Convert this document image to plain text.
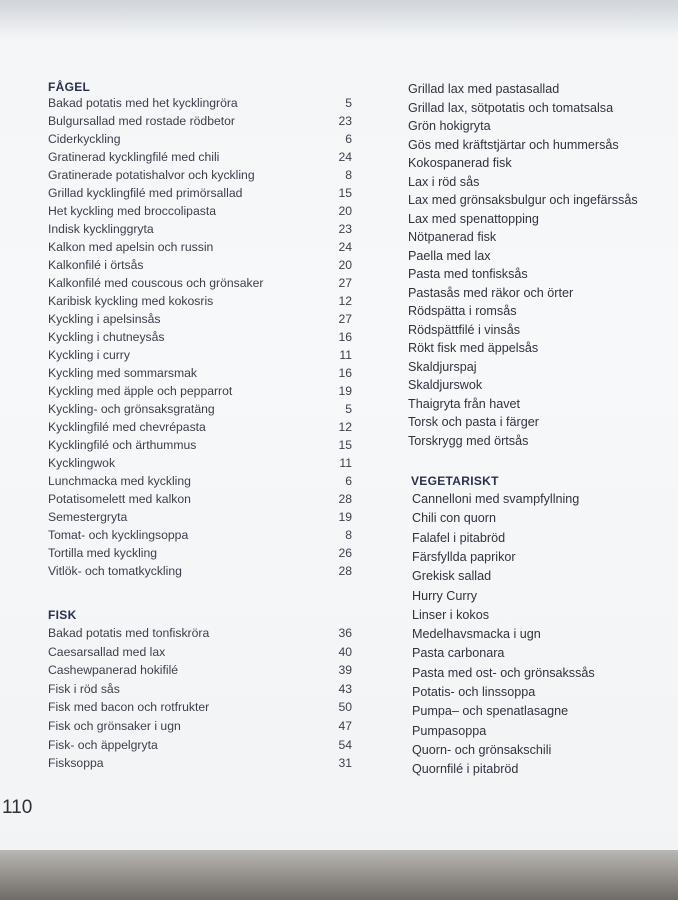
FÅGEL
Bakad potatis med het kycklingröra	5
Bulgursallad med rostade rödbetor	23
Ciderkyckling	6
Gratinerad kycklingfilé med chili	24
Gratinerade potatishalvor och kyckling	8
Grillad kycklingfilé med primörsallad	15
Het kyckling med broccolipasta	20
Indisk kycklinggryta	23
Kalkon med apelsin och russin	24
Kalkonfilé i örtsås	20
Kalkonfilé med couscous och grönsaker	27
Karibisk kyckling med kokosris	12
Kyckling i apelsinsås	27
Kyckling i chutneysås	16
Kyckling i curry	11
Kyckling med sommarsmak	16
Kyckling med äpple och pepparrot	19
Kyckling- och grönsaksgratäng	5
Kycklingfilé med chevrépasta	12
Kycklingfilé och ärthummus	15
Kycklingwok	11
Lunchmacka med kyckling	6
Potatisomelett med kalkon	28
Semestergryta	19
Tomat- och kycklingsoppa	8
Tortilla med kyckling	26
Vitlök- och tomatkyckling	28
FISK
Bakad potatis med tonfiskröra	36
Caesarsallad med lax	40
Cashewpanerad hokifilé	39
Fisk i röd sås	43
Fisk med bacon och rotfrukter	50
Fisk och grönsaker i ugn	47
Fisk- och äppelgryta	54
Fisksoppa	31
Grillad lax med pastasallad
Grillad lax, sötpotatis och tomatsalsa
Grön hokigryta
Gös med kräftstjärtar och hummersås
Kokospanerad fisk
Lax i röd sås
Lax med grönsaksbulgur och ingefärssås
Lax med spenattopping
Nötpanerad fisk
Paella med lax
Pasta med tonfisksås
Pastasås med räkor och örter
Rödspätta i romsås
Rödspättfilé i vinsås
Rökt fisk med äppelsås
Skaldjurspaj
Skaldjurswok
Thaigryta från havet
Torsk och pasta i färger
Torskrygg med örtsås
VEGETARISKT
Cannelloni med svampfyllning
Chili con quorn
Falafel i pitabröd
Färsfyllda paprikor
Grekisk sallad
Hurry Curry
Linser i kokos
Medelhavsmacka i ugn
Pasta carbonara
Pasta med ost- och grönsakssås
Potatis- och linssoppa
Pumpa– och spenatlasagne
Pumpasoppa
Quorn- och grönsakschili
Quornfilé i pitabröd
110
